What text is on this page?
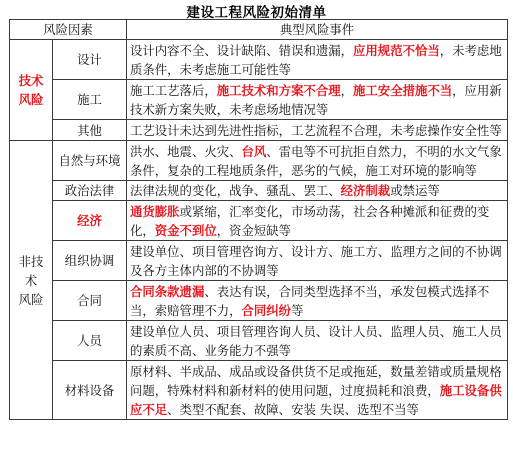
建设工程风险初始清单
风险因素		典型风险事件

技术
风险	设计	设计内容不全、设计缺陷、错误和遗漏，应用规范不恰当，未考虑地质条件，未考虑施工可能性等
	施工	施工工艺落后，施工技术和方案不合理，施工安全措施不当，应用新技术新方案失败，未考虑场地情况等
	其他	工艺设计未达到先进性指标，工艺流程不合理，未考虑操作安全性等

非技术
风险	自然与环境	洪水、地震、火灾、台风、雷电等不可抗拒自然力，不明的水文气象条件，复杂的工程地质条件，恶劣的气候，施工对环境的影响等
	政治法律	法律法规的变化，战争、骚乱、罢工、经济制裁或禁运等
	经济	通货膨胀或紧缩，汇率变化，市场动荡，社会各种摊派和征费的变化，资金不到位，资金短缺等
	组织协调	建设单位、项目管理咨询方、设计方、施工方、监理方之间的不协调及各方主体内部的不协调等
	合同	合同条款遗漏、表达有误，合同类型选择不当，承发包模式选择不当，索赔管理不力，合同纠纷等
	人员	建设单位人员、项目管理咨询人员、设计人员、监理人员、施工人员的素质不高、业务能力不强等
	材料设备	原材料、半成品、成品或设备供货不足或拖延，数量差错或质量规格问题，特殊材料和新材料的使用问题，过度损耗和浪费，施工设备供应不足、类型不配套、故障、安装 失误、选型不当等
